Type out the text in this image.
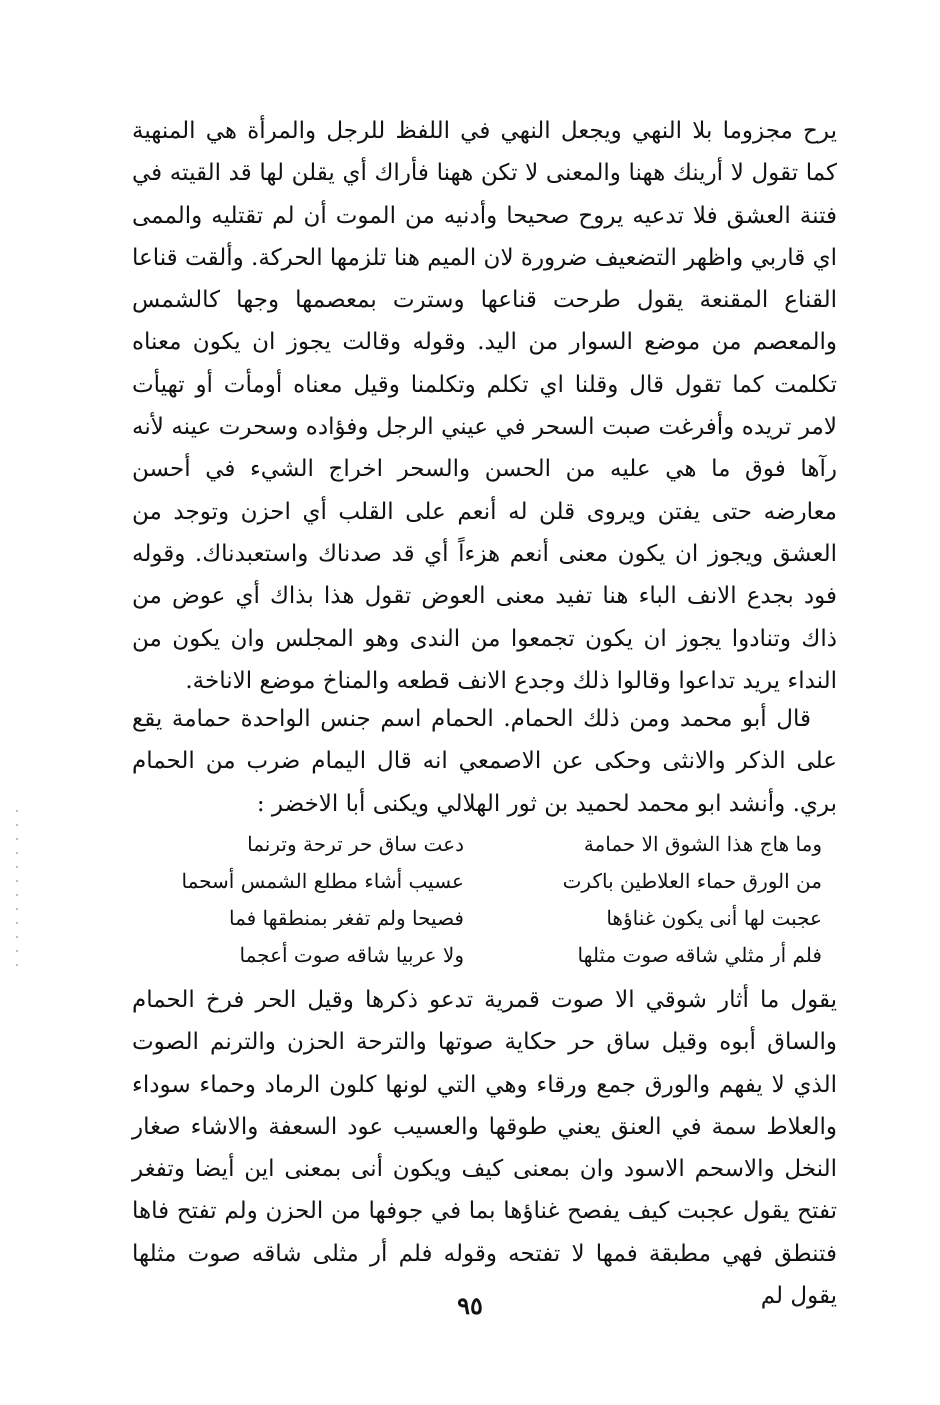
يرح مجزوما بلا النهي ويجعل النهي في اللفظ للرجل والمرأة هي المنهية كما تقول لا أرينك ههنا والمعنى لا تكن ههنا فأراك أي يقلن لها قد القيته في فتنة العشق فلا تدعيه يروح صحيحا وأدنيه من الموت أن لم تقتليه والممى اي قاربي واظهر التضعيف ضرورة لان الميم هنا تلزمها الحركة. وألقت قناعا القناع المقنعة يقول طرحت قناعها وسترت بمعصمها وجها كالشمس والمعصم من موضع السوار من اليد. وقوله وقالت يجوز ان يكون معناه تكلمت كما تقول قال وقلنا اي تكلم وتكلمنا وقيل معناه أومأت أو تهيأت لامر تريده وأفرغت صبت السحر في عيني الرجل وفؤاده وسحرت عينه لأنه رآها فوق ما هي عليه من الحسن والسحر اخراج الشيء في أحسن معارضه حتى يفتن ويروى قلن له أنعم على القلب أي احزن وتوجد من العشق ويجوز ان يكون معنى أنعم هزءاً أي قد صدناك واستعبدناك. وقوله فود بجدع الانف الباء هنا تفيد معنى العوض تقول هذا بذاك أي عوض من ذاك وتنادوا يجوز ان يكون تجمعوا من الندى وهو المجلس وان يكون من النداء يريد تداعوا وقالوا ذلك وجدع الانف قطعه والمناخ موضع الاناخة.

قال أبو محمد ومن ذلك الحمام. الحمام اسم جنس الواحدة حمامة يقع على الذكر والانثى وحكى عن الاصمعي انه قال اليمام ضرب من الحمام بري. وأنشد ابو محمد لحميد بن ثور الهلالي ويكنى أبا الاخضر :

وما هاج هذا الشوق الا حمامة
دعت ساق حر ترحة وترنما
من الورق حماء العلاطين باكرت
عسيب أشاء مطلع الشمس أسحما
عجبت لها أنى يكون غناؤها
فصيحا ولم تفغر بمنطقها فما
فلم أر مثلي شاقه صوت مثلها
ولا عربيا شاقه صوت أعجما

يقول ما أثار شوقي الا صوت قمرية تدعو ذكرها وقيل الحر فرخ الحمام والساق أبوه وقيل ساق حر حكاية صوتها والترحة الحزن والترنم الصوت الذي لا يفهم والورق جمع ورقاء وهي التي لونها كلون الرماد وحماء سوداء والعلاط سمة في العنق يعني طوقها والعسيب عود السعفة والاشاء صغار النخل والاسحم الاسود وان بمعنى كيف ويكون أنى بمعنى اين أيضا وتفغر تفتح يقول عجبت كيف يفصح غناؤها بما في جوفها من الحزن ولم تفتح فاها فتنطق فهي مطبقة فمها لا تفتحه وقوله فلم أر مثلى شاقه صوت مثلها يقول لم

٩٥
